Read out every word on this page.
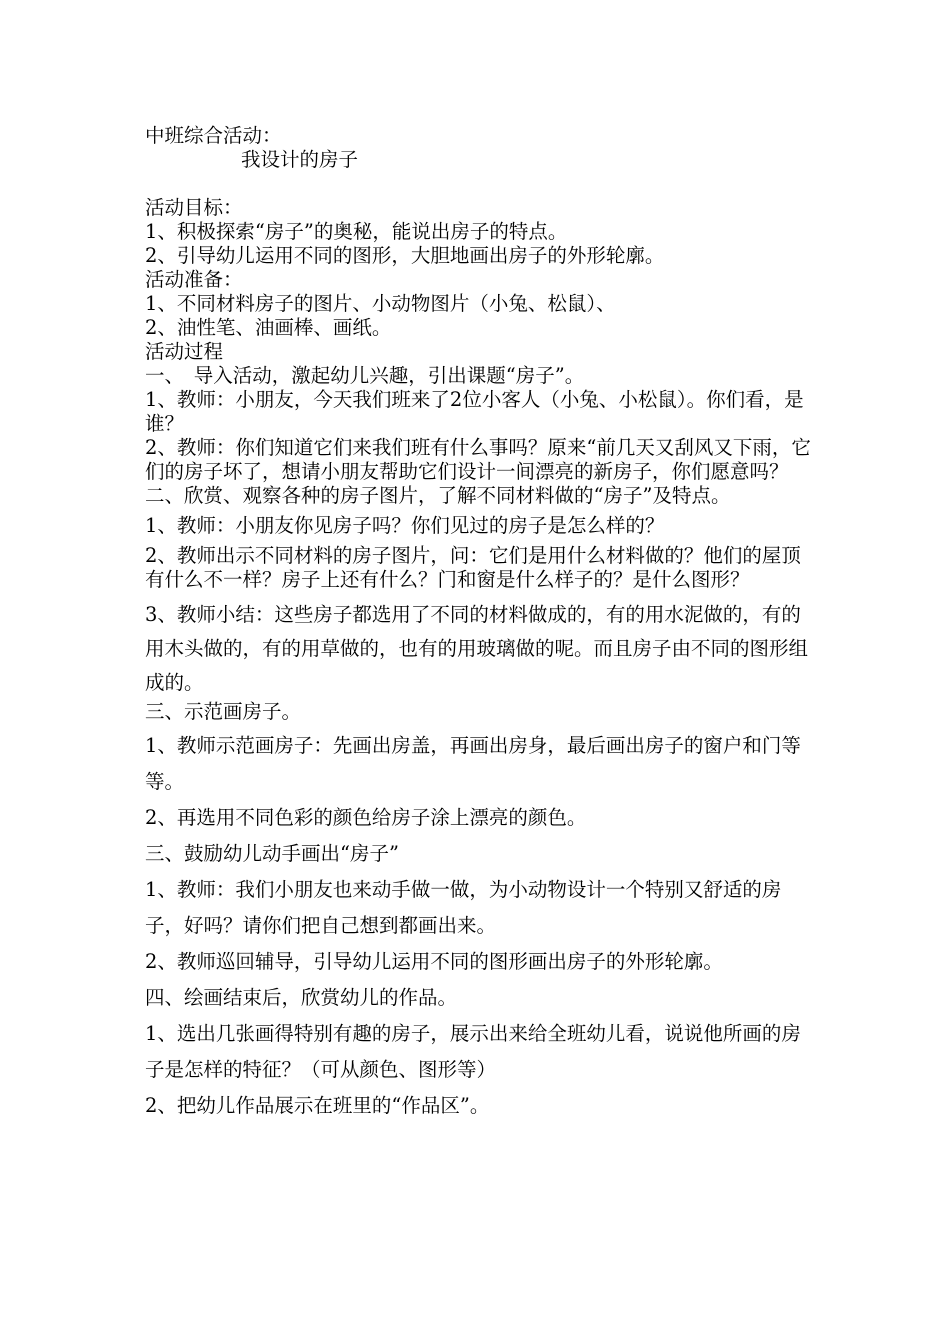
中班综合活动：
我设计的房子
活动目标：
1、积极探索“房子”的奥秘，能说出房子的特点。
2、引导幼儿运用不同的图形，大胆地画出房子的外形轮廓。
活动准备：
1、不同材料房子的图片、小动物图片（小兔、松鼠）、
2、油性笔、油画棒、画纸。
活动过程
一、　导入活动，激起幼儿兴趣，引出课题“房子”。
1、教师：小朋友，今天我们班来了2位小客人（小兔、小松鼠）。你们看，是谁？
2、教师：你们知道它们来我们班有什么事吗？原来“前几天又刮风又下雨，它们的房子坏了，想请小朋友帮助它们设计一间漂亮的新房子，你们愿意吗？
二、欣赏、观察各种的房子图片，了解不同材料做的“房子”及特点。
1、教师：小朋友你见房子吗？你们见过的房子是怎么样的？
2、教师出示不同材料的房子图片，问：它们是用什么材料做的？他们的屋顶有什么不一样？房子上还有什么？门和窗是什么样子的？是什么图形？
3、教师小结：这些房子都选用了不同的材料做成的，有的用水泥做的，有的用木头做的，有的用草做的，也有的用玻璃做的呢。而且房子由不同的图形组成的。
三、示范画房子。
1、教师示范画房子：先画出房盖，再画出房身，最后画出房子的窗户和门等等。
2、再选用不同色彩的颜色给房子涂上漂亮的颜色。
三、鼓励幼儿动手画出“房子”
1、教师：我们小朋友也来动手做一做，为小动物设计一个特别又舒适的房子，好吗？请你们把自己想到都画出来。
2、教师巡回辅导，引导幼儿运用不同的图形画出房子的外形轮廓。
四、绘画结束后，欣赏幼儿的作品。
1、选出几张画得特别有趣的房子，展示出来给全班幼儿看，说说他所画的房子是怎样的特征？（可从颜色、图形等）
2、把幼儿作品展示在班里的“作品区”。
